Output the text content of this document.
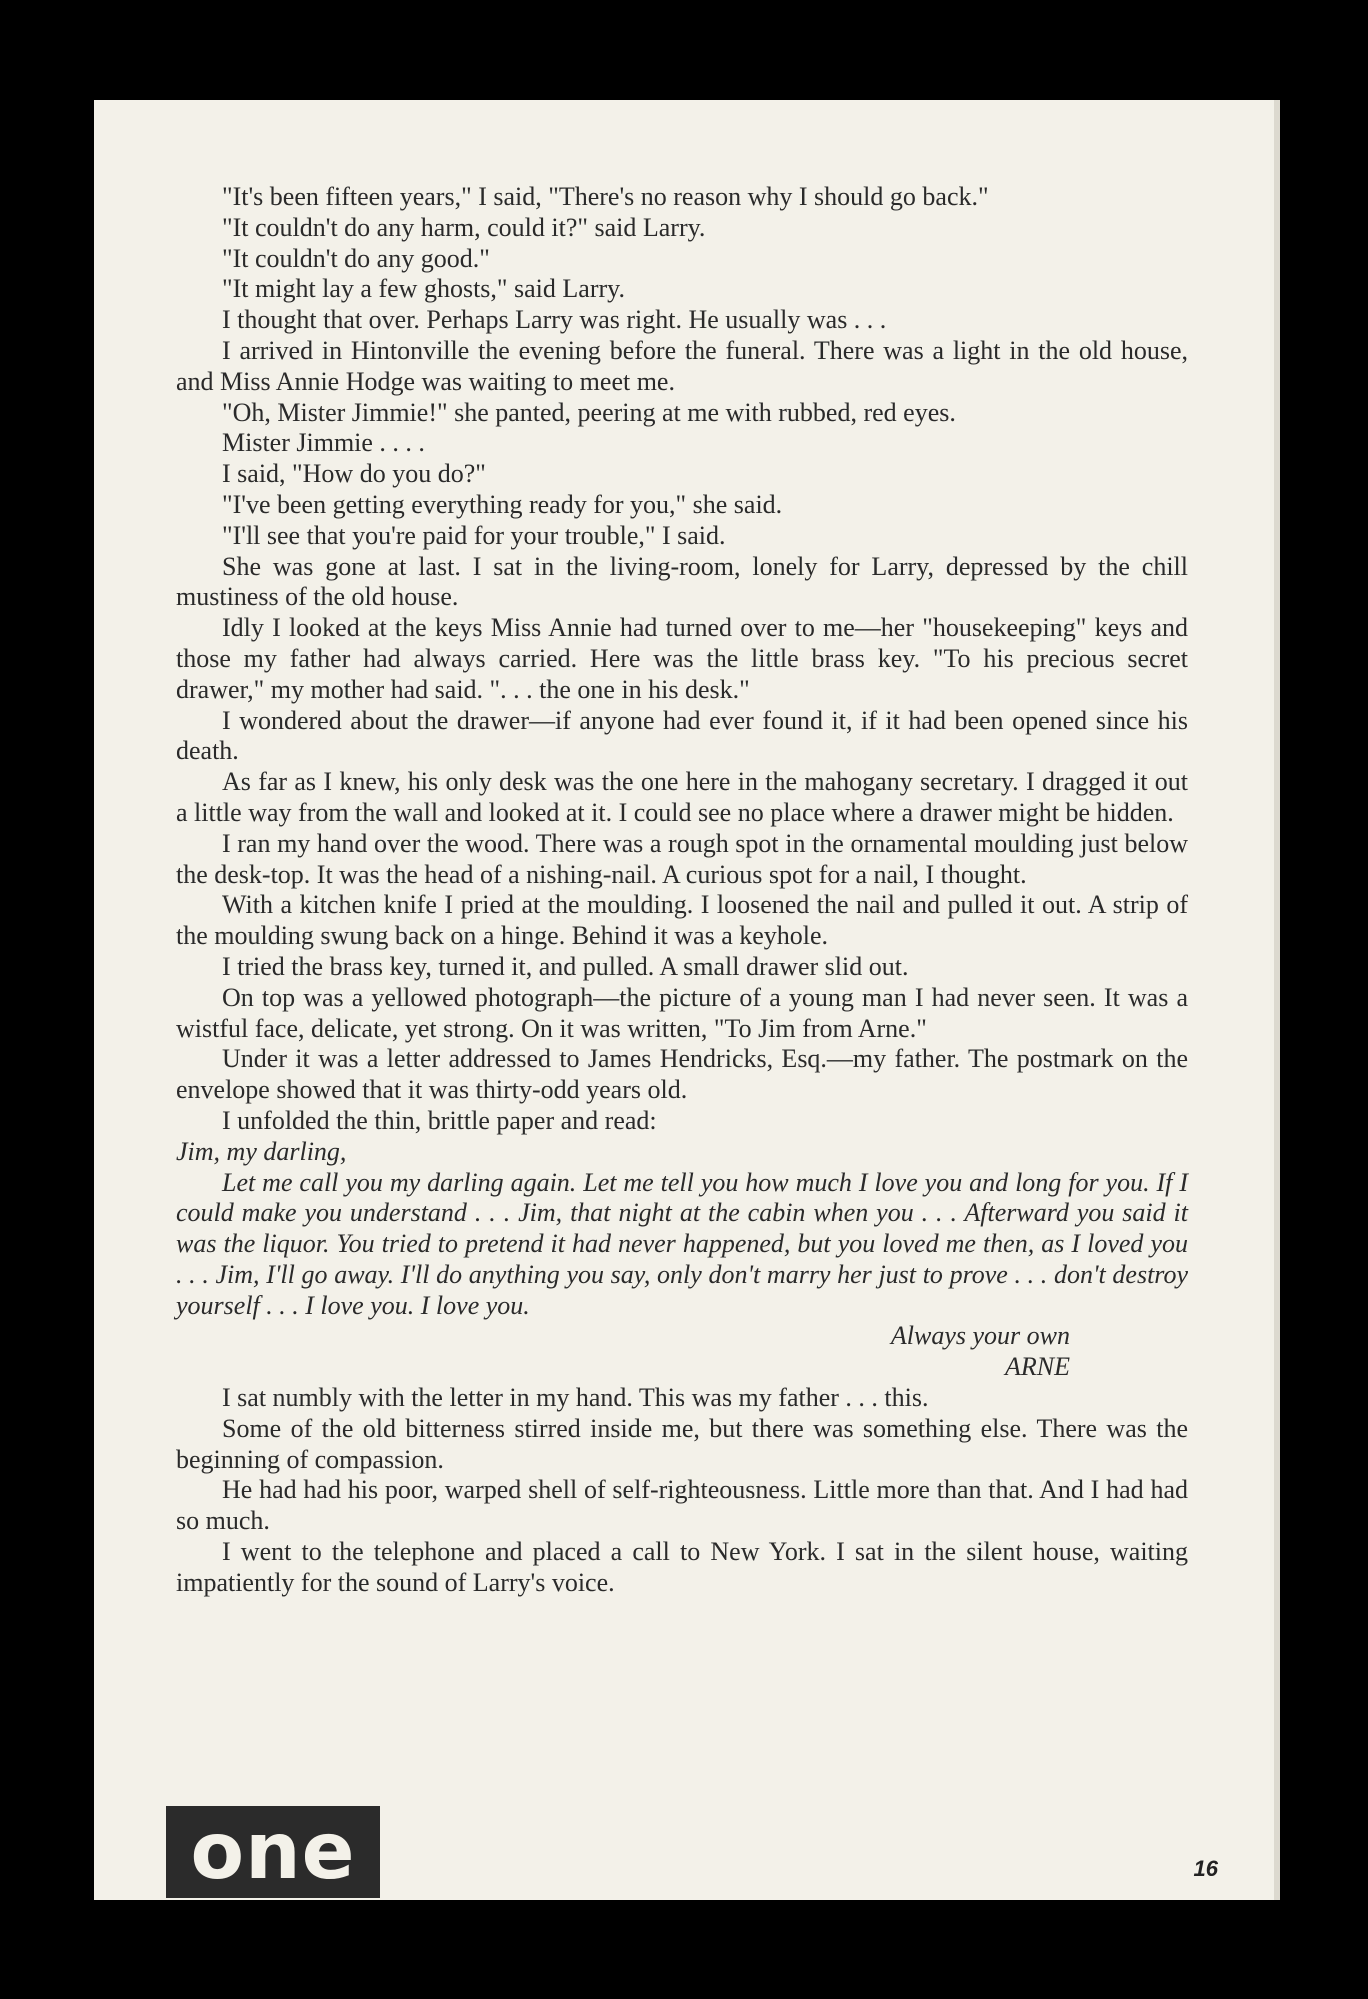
"It's been fifteen years," I said, "There's no reason why I should go back."

"It couldn't do any harm, could it?" said Larry.

"It couldn't do any good."

"It might lay a few ghosts," said Larry.

I thought that over. Perhaps Larry was right. He usually was . . .

I arrived in Hintonville the evening before the funeral. There was a light in the old house, and Miss Annie Hodge was waiting to meet me.

"Oh, Mister Jimmie!" she panted, peering at me with rubbed, red eyes.

Mister Jimmie . . . .

I said, "How do you do?"

"I've been getting everything ready for you," she said.

"I'll see that you're paid for your trouble," I said.

She was gone at last. I sat in the living-room, lonely for Larry, depressed by the chill mustiness of the old house.

Idly I looked at the keys Miss Annie had turned over to me—her "housekeeping" keys and those my father had always carried. Here was the little brass key. "To his precious secret drawer," my mother had said. ". . . the one in his desk."

I wondered about the drawer—if anyone had ever found it, if it had been opened since his death.

As far as I knew, his only desk was the one here in the mahogany secretary. I dragged it out a little way from the wall and looked at it. I could see no place where a drawer might be hidden.

I ran my hand over the wood. There was a rough spot in the ornamental moulding just below the desk-top. It was the head of a nishing-nail. A curious spot for a nail, I thought.

With a kitchen knife I pried at the moulding. I loosened the nail and pulled it out. A strip of the moulding swung back on a hinge. Behind it was a keyhole.

I tried the brass key, turned it, and pulled. A small drawer slid out.

On top was a yellowed photograph—the picture of a young man I had never seen. It was a wistful face, delicate, yet strong. On it was written, "To Jim from Arne."

Under it was a letter addressed to James Hendricks, Esq.—my father. The postmark on the envelope showed that it was thirty-odd years old.

I unfolded the thin, brittle paper and read:

Jim, my darling,

Let me call you my darling again. Let me tell you how much I love you and long for you. If I could make you understand . . . Jim, that night at the cabin when you . . . Afterward you said it was the liquor. You tried to pretend it had never happened, but you loved me then, as I loved you . . . Jim, I'll go away. I'll do anything you say, only don't marry her just to prove . . . don't destroy yourself . . . I love you. I love you.

Always your own

ARNE

I sat numbly with the letter in my hand. This was my father . . . this.

Some of the old bitterness stirred inside me, but there was something else. There was the beginning of compassion.

He had had his poor, warped shell of self-righteousness. Little more than that. And I had had so much.

I went to the telephone and placed a call to New York. I sat in the silent house, waiting impatiently for the sound of Larry's voice.

one	16
